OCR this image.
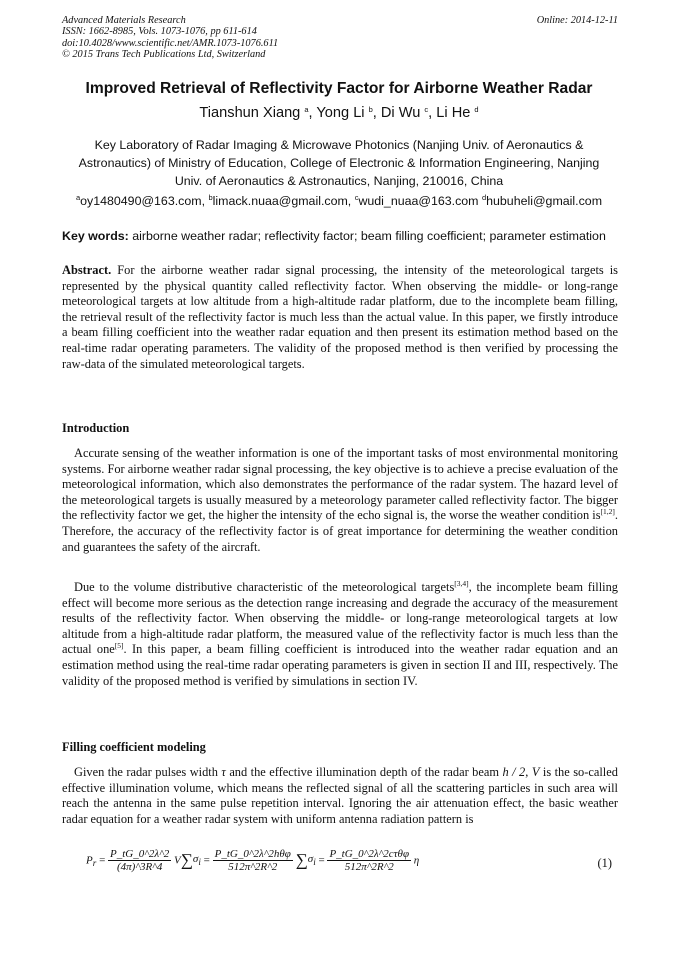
Advanced Materials Research
ISSN: 1662-8985, Vols. 1073-1076, pp 611-614
doi:10.4028/www.scientific.net/AMR.1073-1076.611
© 2015 Trans Tech Publications Ltd, Switzerland
Online: 2014-12-11
Improved Retrieval of Reflectivity Factor for Airborne Weather Radar
Tianshun Xiang $^a$, Yong Li $^b$, Di Wu $^c$, Li He $^d$
Key Laboratory of Radar Imaging & Microwave Photonics (Nanjing Univ. of Aeronautics & Astronautics) of Ministry of Education, College of Electronic & Information Engineering, Nanjing Univ. of Aeronautics & Astronautics, Nanjing, 210016, China
$^a$oy1480490@163.com, $^b$limack.nuaa@gmail.com, $^c$wudi_nuaa@163.com $^d$hubuheli@gmail.com
Key words: airborne weather radar; reflectivity factor; beam filling coefficient; parameter estimation

Abstract. For the airborne weather radar signal processing, the intensity of the meteorological targets is represented by the physical quantity called reflectivity factor. When observing the middle- or long-range meteorological targets at low altitude from a high-altitude radar platform, due to the incomplete beam filling, the retrieval result of the reflectivity factor is much less than the actual value. In this paper, we firstly introduce a beam filling coefficient into the weather radar equation and then present its estimation method based on the real-time radar operating parameters. The validity of the proposed method is then verified by processing the raw-data of the simulated meteorological targets.

Introduction

Accurate sensing of the weather information is one of the important tasks of most environmental monitoring systems. For airborne weather radar signal processing, the key objective is to achieve a precise evaluation of the meteorological information, which also demonstrates the performance of the radar system. The hazard level of the meteorological targets is usually measured by a meteorology parameter called reflectivity factor. The bigger the reflectivity factor we get, the higher the intensity of the echo signal is, the worse the weather condition is[1,2]. Therefore, the accuracy of the reflectivity factor is of great importance for determining the weather condition and guarantees the safety of the aircraft.

Due to the volume distributive characteristic of the meteorological targets[3,4], the incomplete beam filling effect will become more serious as the detection range increasing and degrade the accuracy of the measurement results of the reflectivity factor. When observing the middle- or long-range meteorological targets at low altitude from a high-altitude radar platform, the measured value of the reflectivity factor is much less than the actual one[5]. In this paper, a beam filling coefficient is introduced into the weather radar equation and an estimation method using the real-time radar operating parameters is given in section II and III, respectively. The validity of the proposed method is verified by simulations in section IV.

Filling coefficient modeling

Given the radar pulses width τ and the effective illumination depth of the radar beam h / 2, V is the so-called effective illumination volume, which means the reflected signal of all the scattering particles in such area will reach the antenna in the same pulse repetition interval. Ignoring the air attenuation effect, the basic weather radar equation for a weather radar system with uniform antenna radiation pattern is

$P_r = \frac{P\_tG\_0\^{}2\lambda\^{}2}{(4\pi)\^{}3R\^{}4} V\sum\sigma_i = \frac{\text{P\_tG\_0\textasciicircum{}2λ\textasciicircum{}2hθφ}}{512\pi\^{}2R\^{}2} \sum\sigma_i = \frac{\text{P\_tG\_0\textasciicircum{}2λ\textasciicircum{}2cτθφ}}{512\pi\^{}2R\^{}2}$ η	(1)
